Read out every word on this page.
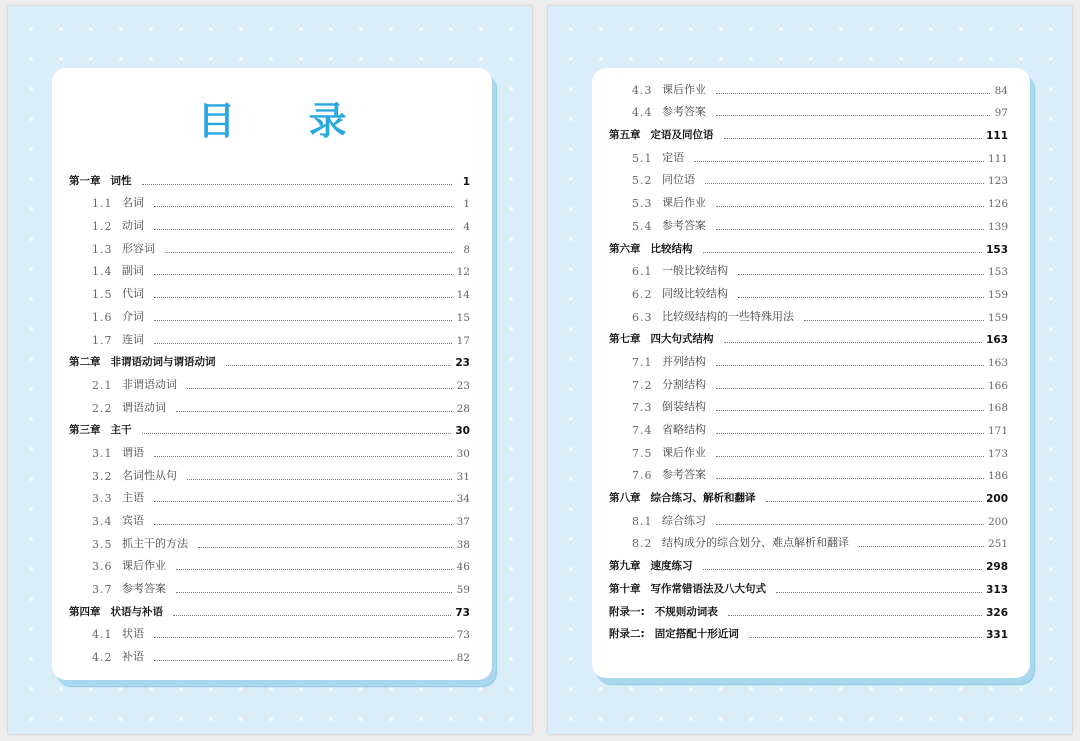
目 录
第一章 词性	1
1.1 名词	1
1.2 动词	4
1.3 形容词	8
1.4 副词	12
1.5 代词	14
1.6 介词	15
1.7 连词	17
第二章 非谓语动词与谓语动词	23
2.1 非谓语动词	23
2.2 谓语动词	28
第三章 主干	30
3.1 谓语	30
3.2 名词性从句	31
3.3 主语	34
3.4 宾语	37
3.5 抓主干的方法	38
3.6 课后作业	46
3.7 参考答案	59
第四章 状语与补语	73
4.1 状语	73
4.2 补语	82
4.3 课后作业	84
4.4 参考答案	97
第五章 定语及同位语	111
5.1 定语	111
5.2 同位语	123
5.3 课后作业	126
5.4 参考答案	139
第六章 比较结构	153
6.1 一般比较结构	153
6.2 同级比较结构	159
6.3 比较级结构的一些特殊用法	159
第七章 四大句式结构	163
7.1 并列结构	163
7.2 分割结构	166
7.3 倒装结构	168
7.4 省略结构	171
7.5 课后作业	173
7.6 参考答案	186
第八章 综合练习、解析和翻译	200
8.1 综合练习	200
8.2 结构成分的综合划分、难点解析和翻译	251
第九章 速度练习	298
第十章 写作常错语法及八大句式	313
附录一: 不规则动词表	326
附录二: 固定搭配十形近词	331
